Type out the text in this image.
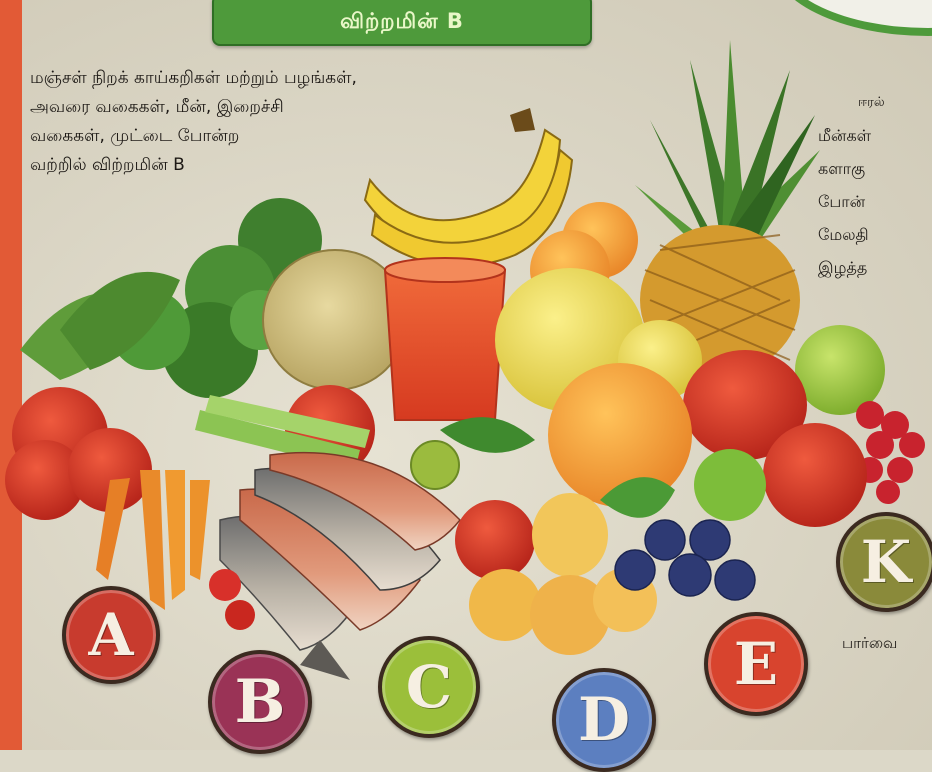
விற்றமின் B
மஞ்சள் நிறக் காய்கறிகள் மற்றும் பழங்கள்,
அவரை வகைகள், மீன், இறைச்சி
வகைகள், முட்டை போன்ற
வற்றில் விற்றமின் B
ஈரல்
மீன்கள்
களாகு
போன்
மேலதி
இழத்த
பார்வை
A
B	C	D
E
K
